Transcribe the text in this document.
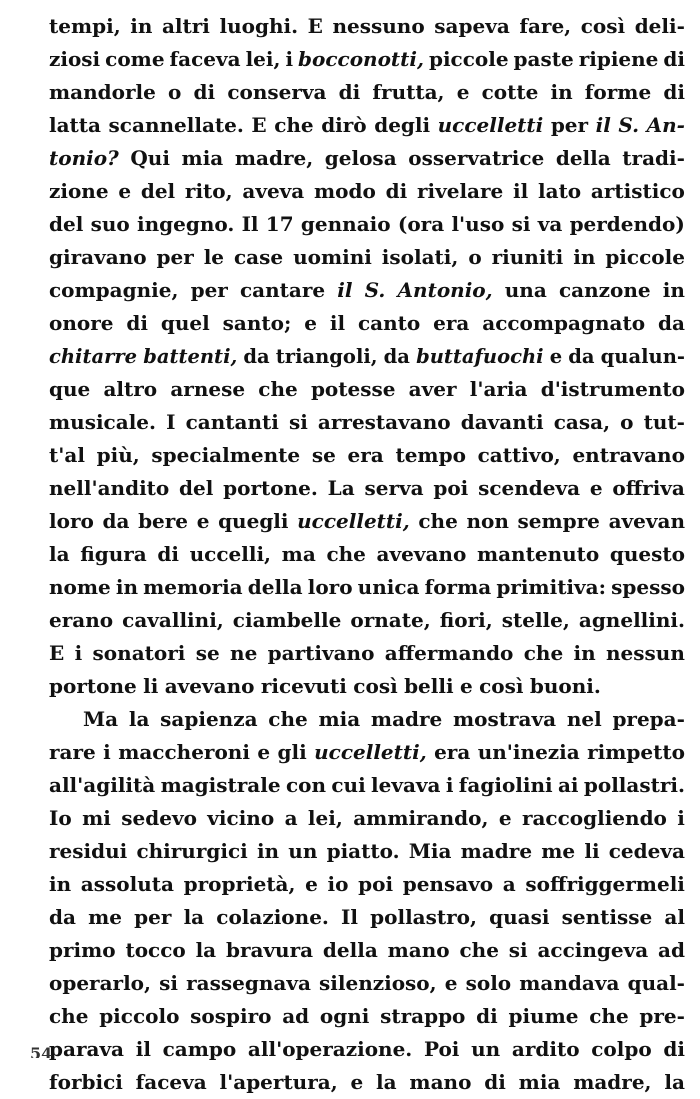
tempi, in altri luoghi. E nessuno sapeva fare, così deli-
ziosi come faceva lei, i bocconotti, piccole paste ripiene di
mandorle o di conserva di frutta, e cotte in forme di
latta scannellate. E che dirò degli uccelletti per il S. An-
tonio? Qui mia madre, gelosa osservatrice della tradi-
zione e del rito, aveva modo di rivelare il lato artistico
del suo ingegno. Il 17 gennaio (ora l'uso si va perdendo)
giravano per le case uomini isolati, o riuniti in piccole
compagnie, per cantare il S. Antonio, una canzone in
onore di quel santo; e il canto era accompagnato da
chitarre battenti, da triangoli, da buttafuochi e da qualun-
que altro arnese che potesse aver l'aria d'istrumento
musicale. I cantanti si arrestavano davanti casa, o tut-
t'al più, specialmente se era tempo cattivo, entravano
nell'andito del portone. La serva poi scendeva e offriva
loro da bere e quegli uccelletti, che non sempre avevan
la figura di uccelli, ma che avevano mantenuto questo
nome in memoria della loro unica forma primitiva: spesso
erano cavallini, ciambelle ornate, fiori, stelle, agnellini.
E i sonatori se ne partivano affermando che in nessun
portone li avevano ricevuti così belli e così buoni.
Ma la sapienza che mia madre mostrava nel prepa-
rare i maccheroni e gli uccelletti, era un'inezia rimpetto
all'agilità magistrale con cui levava i fagiolini ai pollastri.
Io mi sedevo vicino a lei, ammirando, e raccogliendo i
residui chirurgici in un piatto. Mia madre me li cedeva
in assoluta proprietà, e io poi pensavo a soffriggermeli
da me per la colazione. Il pollastro, quasi sentisse al
primo tocco la bravura della mano che si accingeva ad
operarlo, si rassegnava silenzioso, e solo mandava qual-
che piccolo sospiro ad ogni strappo di piume che pre-
parava il campo all'operazione. Poi un ardito colpo di
forbici faceva l'apertura, e la mano di mia madre, la
54
